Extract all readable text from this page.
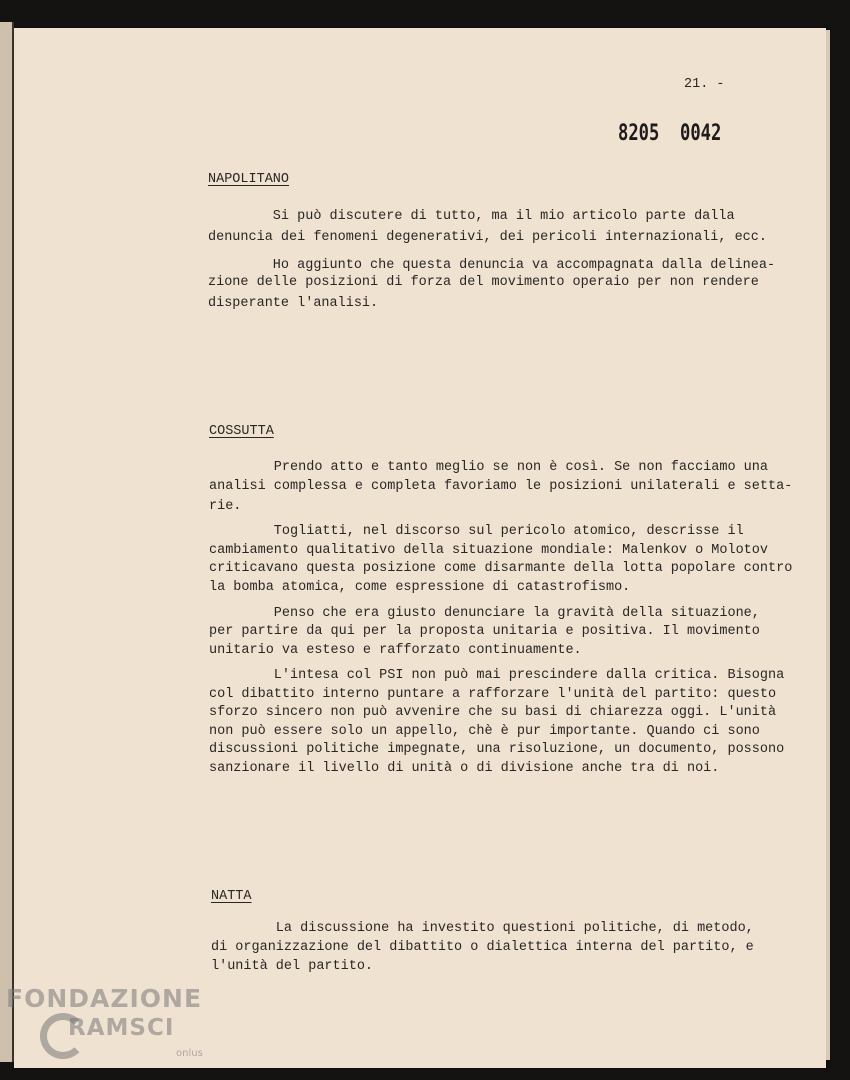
21. -
8205  0042
NAPOLITANO
Si può discutere di tutto, ma il mio articolo parte dalla
denuncia dei fenomeni degenerativi, dei pericoli internazionali, ecc.
Ho aggiunto che questa denuncia va accompagnata dalla delinea-
zione delle posizioni di forza del movimento operaio per non rendere
disperante l'analisi.
COSSUTTA
Prendo atto e tanto meglio se non è così. Se non facciamo una
analisi complessa e completa favoriamo le posizioni unilaterali e setta-
rie.
Togliatti, nel discorso sul pericolo atomico, descrisse il
cambiamento qualitativo della situazione mondiale: Malenkov o Molotov
criticavano questa posizione come disarmante della lotta popolare contro
la bomba atomica, come espressione di catastrofismo.
Penso che era giusto denunciare la gravità della situazione,
per partire da qui per la proposta unitaria e positiva. Il movimento
unitario va esteso e rafforzato continuamente.
L'intesa col PSI non può mai prescindere dalla critica. Bisogna
col dibattito interno puntare a rafforzare l'unità del partito: questo
sforzo sincero non può avvenire che su basi di chiarezza oggi. L'unità
non può essere solo un appello, chè è pur importante. Quando ci sono
discussioni politiche impegnate, una risoluzione, un documento, possono
sanzionare il livello di unità o di divisione anche tra di noi.
NATTA
La discussione ha investito questioni politiche, di metodo,
di organizzazione del dibattito o dialettica interna del partito, e
l'unità del partito.
FONDAZIONE
RAMSCI
onlus
